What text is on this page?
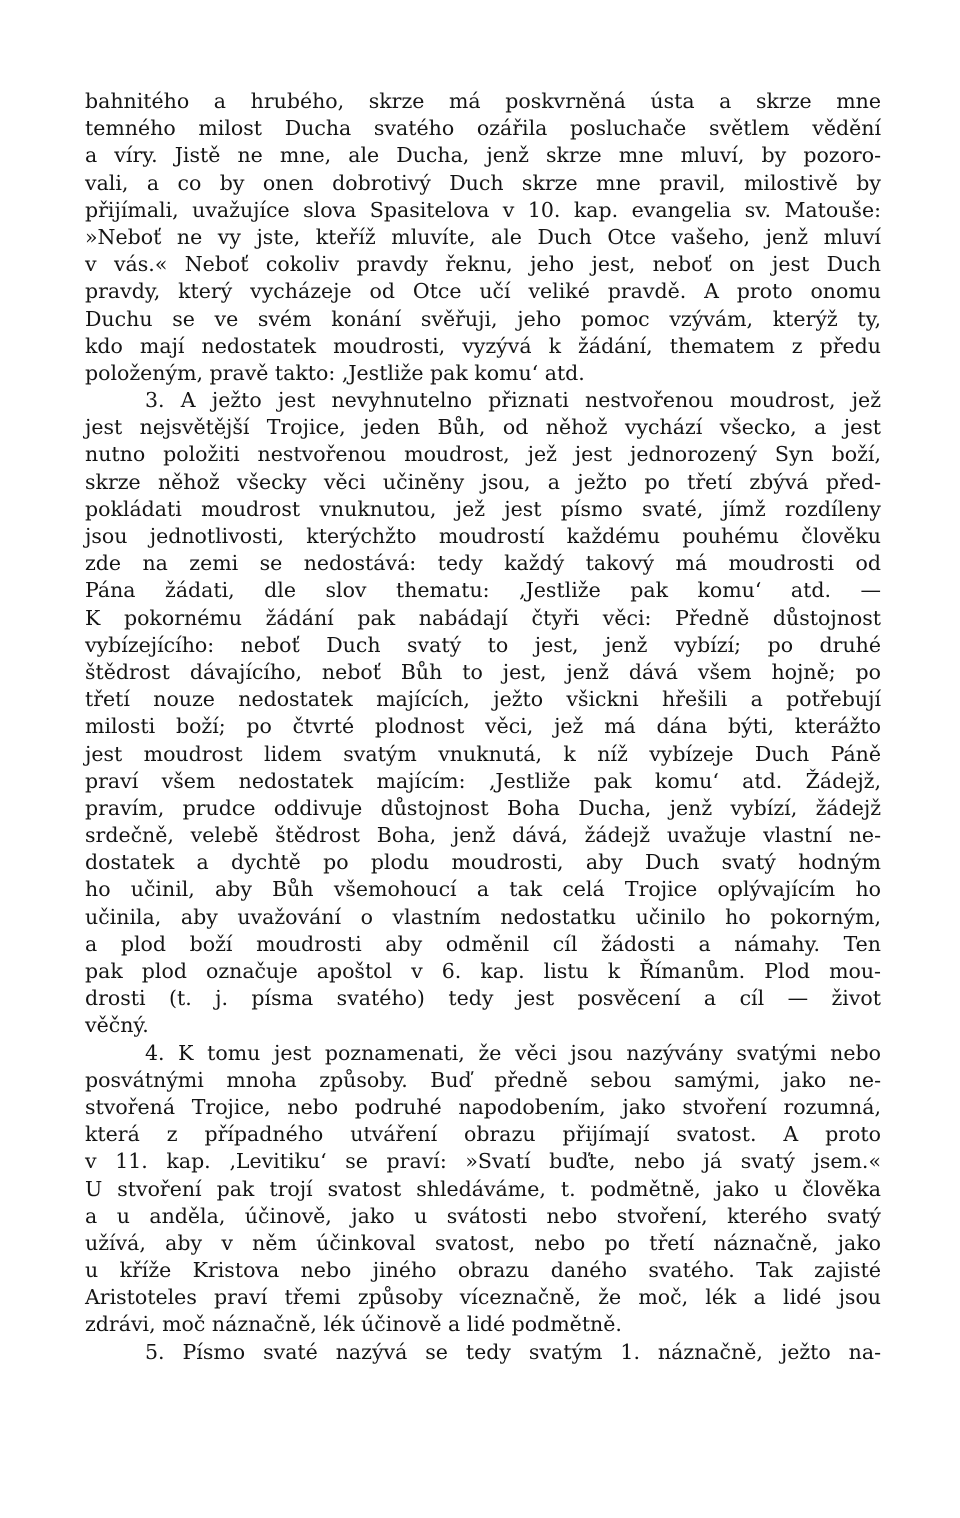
bahnitého a hrubého, skrze má poskvrněná ústa a skrze mne
temného milost Ducha svatého ozářila posluchače světlem vědění
a víry. Jistě ne mne, ale Ducha, jenž skrze mne mluví, by pozoro-
vali, a co by onen dobrotivý Duch skrze mne pravil, milostivě by
přijímali, uvažujíce slova Spasitelova v 10. kap. evangelia sv. Matouše:
»Neboť ne vy jste, kteříž mluvíte, ale Duch Otce vašeho, jenž mluví
v vás.« Neboť cokoliv pravdy řeknu, jeho jest, neboť on jest Duch
pravdy, který vycházeje od Otce učí veliké pravdě. A proto onomu
Duchu se ve svém konání svěřuji, jeho pomoc vzývám, kterýž ty,
kdo mají nedostatek moudrosti, vyzývá k žádání, thematem z předu
položeným, pravě takto: ‚Jestliže pak komu‘ atd.
3. A ježto jest nevyhnutelno přiznati nestvořenou moudrost, jež
jest nejsvětější Trojice, jeden Bůh, od něhož vychází všecko, a jest
nutno položiti nestvořenou moudrost, jež jest jednorozený Syn boží,
skrze něhož všecky věci učiněny jsou, a ježto po třetí zbývá před-
pokládati moudrost vnuknutou, jež jest písmo svaté, jímž rozdíleny
jsou jednotlivosti, kterýchžto moudrostí každému pouhému člověku
zde na zemi se nedostává: tedy každý takový má moudrosti od
Pána žádati, dle slov thematu: ‚Jestliže pak komu‘ atd. —
K pokornému žádání pak nabádají čtyři věci: Předně důstojnost
vybízejícího: neboť Duch svatý to jest, jenž vybízí; po druhé
štědrost dávajícího, neboť Bůh to jest, jenž dává všem hojně; po
třetí nouze nedostatek majících, ježto všickni hřešili a potřebují
milosti boží; po čtvrté plodnost věci, jež má dána býti, kterážto
jest moudrost lidem svatým vnuknutá, k níž vybízeje Duch Páně
praví všem nedostatek majícím: ‚Jestliže pak komu‘ atd. Žádejž,
pravím, prudce oddivuje důstojnost Boha Ducha, jenž vybízí, žádejž
srdečně, velebě štědrost Boha, jenž dává, žádejž uvažuje vlastní ne-
dostatek a dychtě po plodu moudrosti, aby Duch svatý hodným
ho učinil, aby Bůh všemohoucí a tak celá Trojice oplývajícím ho
učinila, aby uvažování o vlastním nedostatku učinilo ho pokorným,
a plod boží moudrosti aby odměnil cíl žádosti a námahy. Ten
pak plod označuje apoštol v 6. kap. listu k Římanům. Plod mou-
drosti (t. j. písma svatého) tedy jest posvěcení a cíl — život
věčný.
4. K tomu jest poznamenati, že věci jsou nazývány svatými nebo
posvátnými mnoha způsoby. Buď předně sebou samými, jako ne-
stvořená Trojice, nebo podruhé napodobením, jako stvoření rozumná,
která z případného utváření obrazu přijímají svatost. A proto
v 11. kap. ‚Levitiku‘ se praví: »Svatí buďte, nebo já svatý jsem.«
U stvoření pak trojí svatost shledáváme, t. podmětně, jako u člověka
a u anděla, účinově, jako u svátosti nebo stvoření, kterého svatý
užívá, aby v něm účinkoval svatost, nebo po třetí náznačně, jako
u kříže Kristova nebo jiného obrazu daného svatého. Tak zajisté
Aristoteles praví třemi způsoby víceznačně, že moč, lék a lidé jsou
zdrávi, moč náznačně, lék účinově a lidé podmětně.
5. Písmo svaté nazývá se tedy svatým 1. náznačně, ježto na-
